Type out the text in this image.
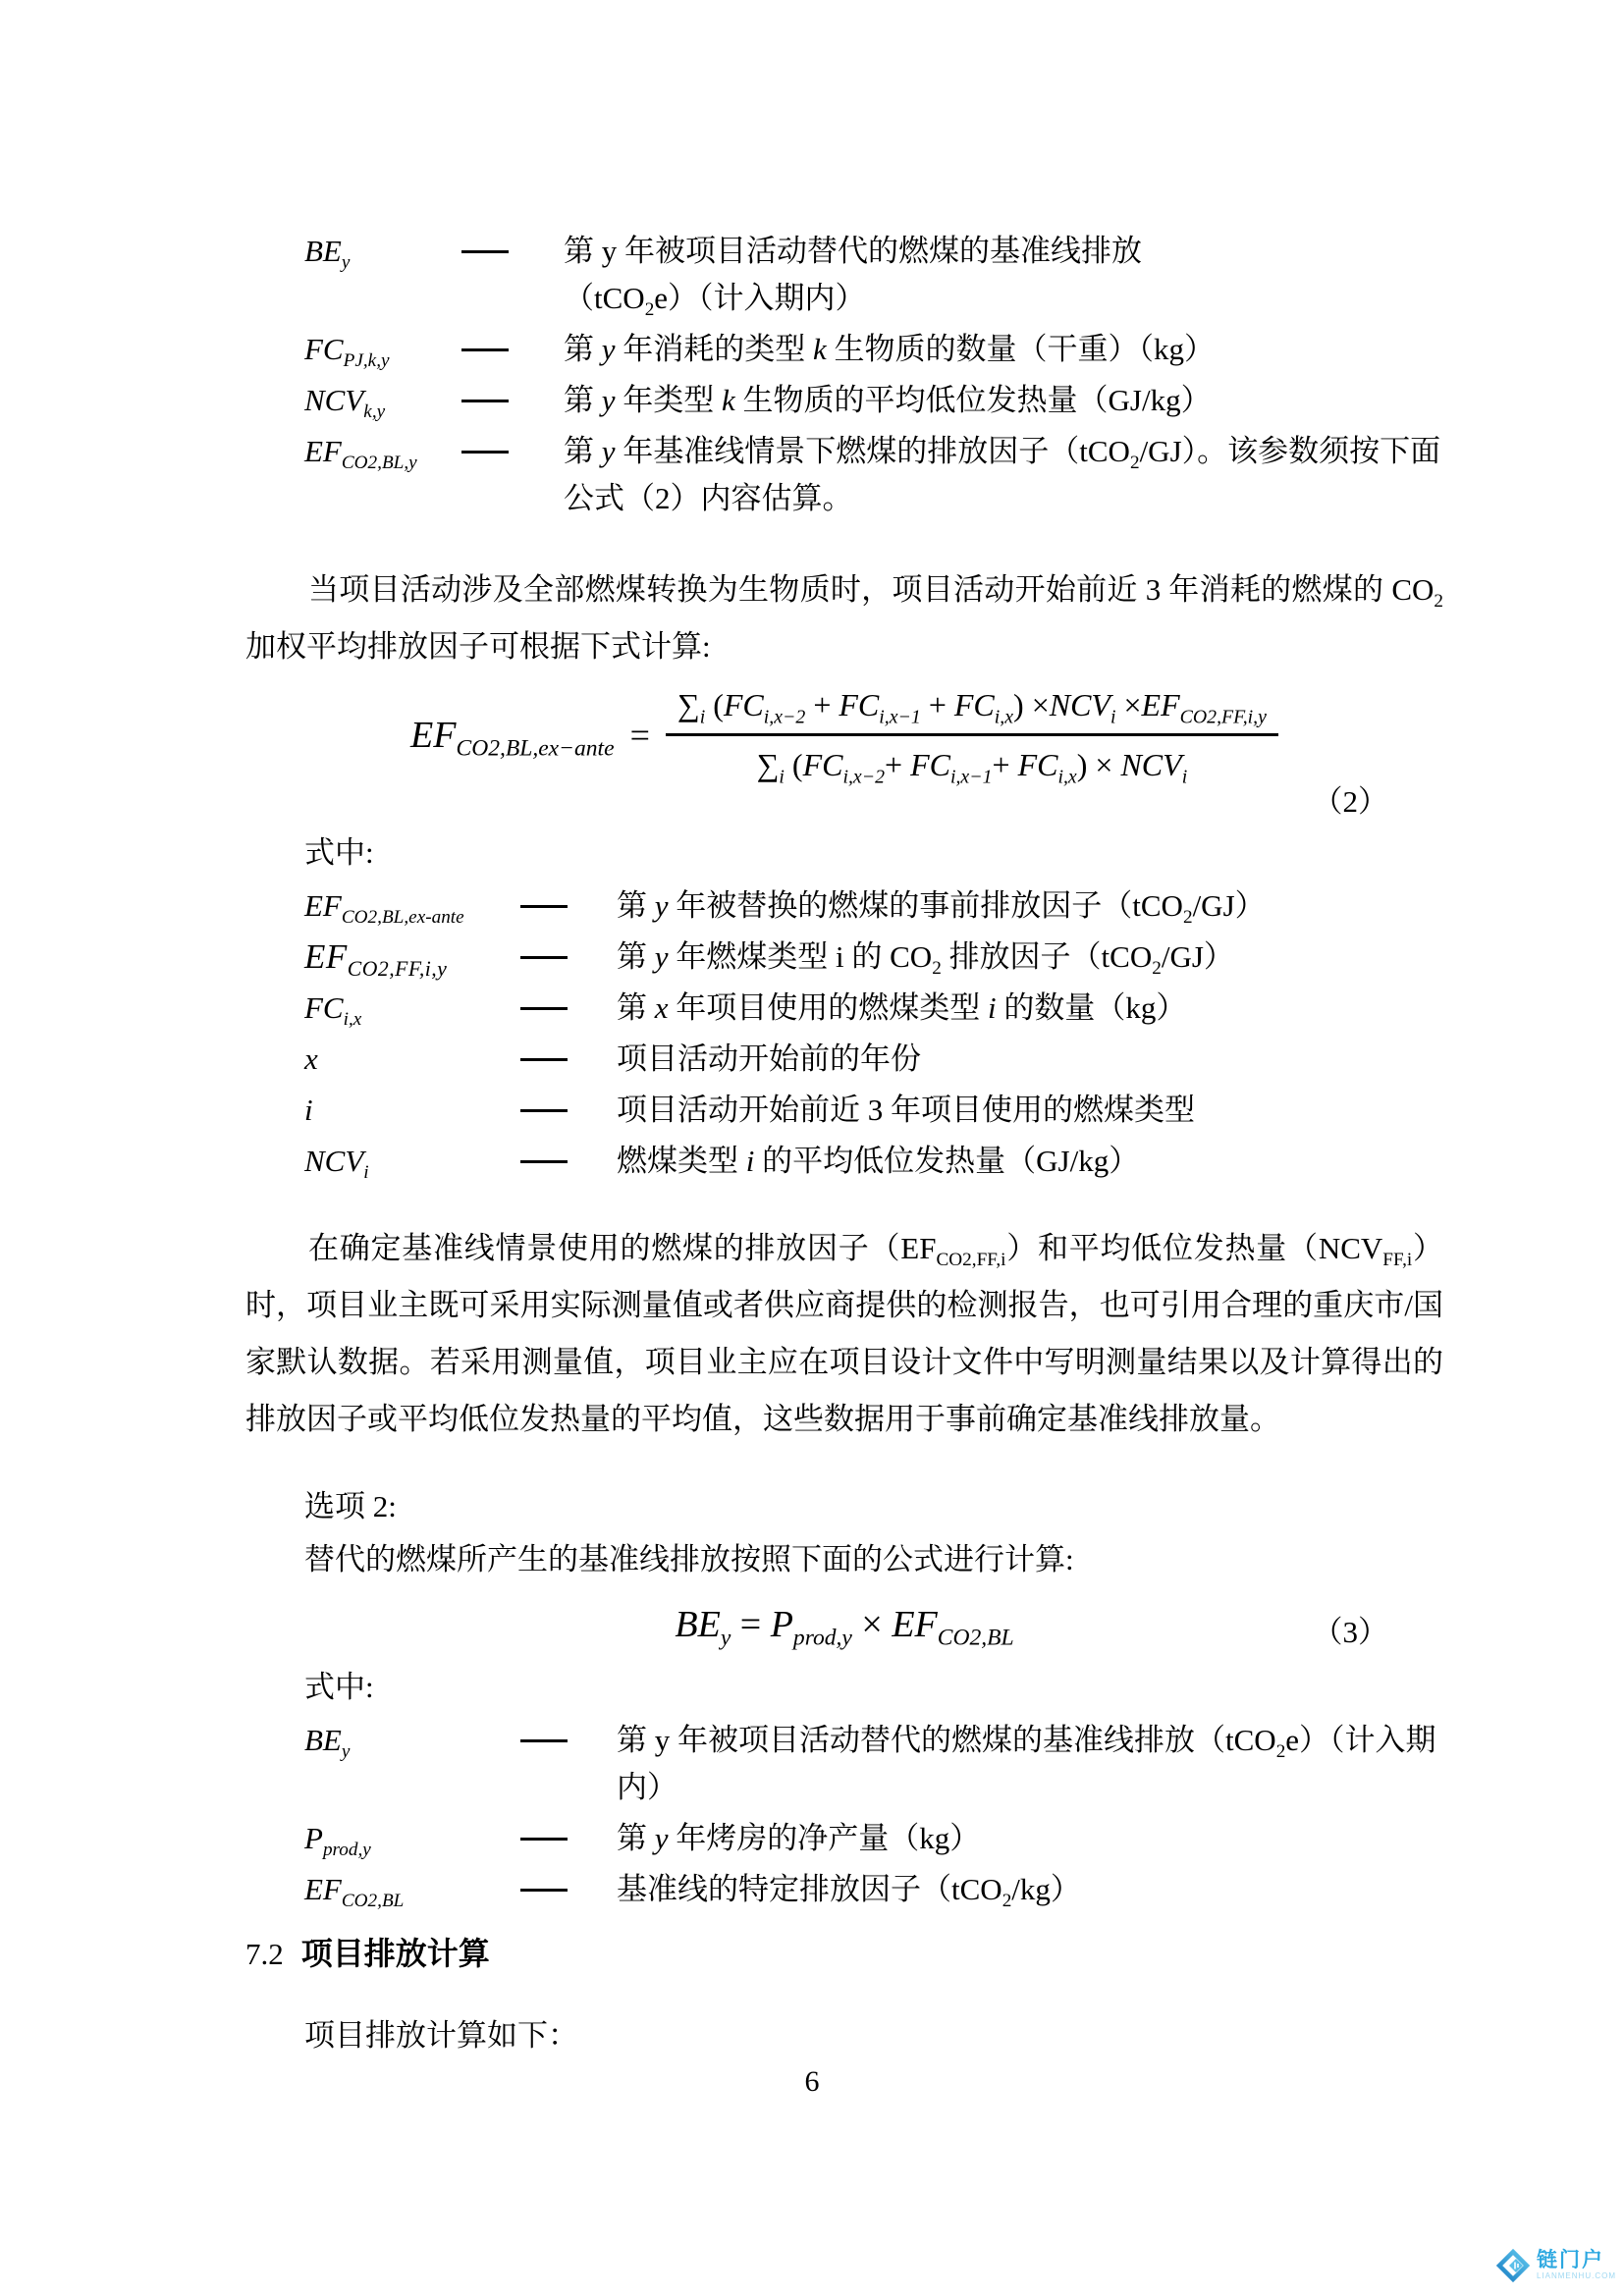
$BE_y$	第 y 年被项目活动替代的燃煤的基准线排放（tCO$_2$e）（计入期内）
$FC_{PJ,k,y}$	第 y 年消耗的类型 k 生物质的数量（干重）（kg）
$NCV_{k,y}$	第 y 年类型 k 生物质的平均低位发热量（GJ/kg）
$EF_{CO2,BL,y}$	第 y 年基准线情景下燃煤的排放因子（tCO$_2$/GJ）。该参数须按下面公式（2）内容估算。
当项目活动涉及全部燃煤转换为生物质时，项目活动开始前近 3 年消耗的燃煤的 $CO_2$加权平均排放因子可根据下式计算:
$EF_{CO2,BL,ex-ante} = \frac{\sum_i (FC_{i,x-2} + FC_{i,x-1} + FC_{i,x}) \times NCV_i \times EF_{CO2,FF,i,y}}{\sum_i (FC_{i,x-2}+ FC_{i,x-1}+ FC_{i,x}) \times NCV_i}$
（2）
式中:
$EF_{CO2,BL,ex-ante}$	第 y 年被替换的燃煤的事前排放因子（tCO$_2$/GJ）
$EF_{CO2,FF,i,y}$	第 y 年燃煤类型 i 的 $CO_2$ 排放因子（tCO$_2$/GJ）
$FC_{i,x}$	第 x 年项目使用的燃煤类型 i 的数量（kg）
x	项目活动开始前的年份
i	项目活动开始前近 3 年项目使用的燃煤类型
$NCV_i$	燃煤类型 i 的平均低位发热量（GJ/kg）
在确定基准线情景使用的燃煤的排放因子$(EF_{CO2,FF,i})$和平均低位发热量$(NCV_{FF,i})$时，项目业主既可采用实际测量值或者供应商提供的检测报告，也可引用合理的重庆市/国家默认数据。若采用测量值，项目业主应在项目设计文件中写明测量结果以及计算得出的排放因子或平均低位发热量的平均值，这些数据用于事前确定基准线排放量。
选项 2:
替代的燃煤所产生的基准线排放按照下面的公式进行计算:
$BE_y = P_{prod,y} \times EF_{CO2,BL}$	（3）
式中:
$BE_y$	第 y 年被项目活动替代的燃煤的基准线排放（tCO$_2$e）（计入期内）
$P_{prod,y}$	第 y 年烤房的净产量（kg）
$EF_{CO2,BL}$	基准线的特定排放因子（tCO$_2$/kg）
7.2 项目排放计算
项目排放计算如下：
6
链门户
LIANMENHU.COM
